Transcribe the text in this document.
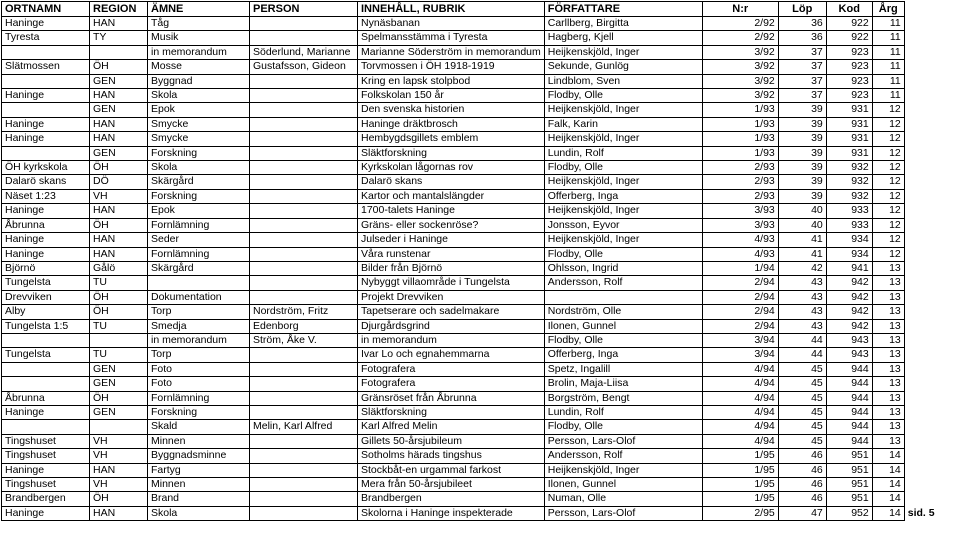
ORTNAMN	REGION	ÄMNE	PERSON	INNEHÅLL, RUBRIK	FÖRFATTARE	N:r	Löp	Kod	Årg	
Haninge	HAN	Tåg		Nynäsbanan	Carllberg, Birgitta	2/92	36	922	11	
Tyresta	TY	Musik		Spelmansstämma i Tyresta	Hagberg, Kjell	2/92	36	922	11	
		in memorandum	Söderlund, Marianne	Marianne Söderström in memorandum	Heijkenskjöld, Inger	3/92	37	923	11	
Slätmossen	ÖH	Mosse	Gustafsson, Gideon	Torvmossen i ÖH 1918-1919	Sekunde, Gunlög	3/92	37	923	11	
	GEN	Byggnad		Kring en lapsk stolpbod	Lindblom, Sven	3/92	37	923	11	
Haninge	HAN	Skola		Folkskolan 150 år	Flodby, Olle	3/92	37	923	11	
	GEN	Epok		Den svenska historien	Heijkenskjöld, Inger	1/93	39	931	12	
Haninge	HAN	Smycke		Haninge dräktbrosch	Falk, Karin	1/93	39	931	12	
Haninge	HAN	Smycke		Hembygdsgillets emblem	Heijkenskjöld, Inger	1/93	39	931	12	
	GEN	Forskning		Släktforskning	Lundin, Rolf	1/93	39	931	12	
ÖH kyrkskola	ÖH	Skola		Kyrkskolan lågornas rov	Flodby, Olle	2/93	39	932	12	
Dalarö skans	DÖ	Skärgård		Dalarö skans	Heijkenskjöld, Inger	2/93	39	932	12	
Näset 1:23	VH	Forskning		Kartor och mantalslängder	Offerberg, Inga	2/93	39	932	12	
Haninge	HAN	Epok		1700-talets Haninge	Heijkenskjöld, Inger	3/93	40	933	12	
Åbrunna	ÖH	Fornlämning		Gräns- eller sockenröse?	Jonsson, Eyvor	3/93	40	933	12	
Haninge	HAN	Seder		Julseder i Haninge	Heijkenskjöld, Inger	4/93	41	934	12	
Haninge	HAN	Fornlämning		Våra runstenar	Flodby, Olle	4/93	41	934	12	
Björnö	Gålö	Skärgård		Bilder från Björnö	Ohlsson, Ingrid	1/94	42	941	13	
Tungelsta	TU			Nybyggt villaområde i Tungelsta	Andersson, Rolf	2/94	43	942	13	
Drevviken	ÖH	Dokumentation		Projekt Drevviken		2/94	43	942	13	
Alby	ÖH	Torp	Nordström, Fritz	Tapetserare och sadelmakare	Nordström, Olle	2/94	43	942	13	
Tungelsta 1:5	TU	Smedja	Edenborg	Djurgårdsgrind	Ilonen, Gunnel	2/94	43	942	13	
		in memorandum	Ström, Åke V.	in memorandum	Flodby, Olle	3/94	44	943	13	
Tungelsta	TU	Torp		Ivar Lo och egnahemmarna	Offerberg, Inga	3/94	44	943	13	
	GEN	Foto		Fotografera	Spetz, Ingalill	4/94	45	944	13	
	GEN	Foto		Fotografera	Brolin, Maja-Liisa	4/94	45	944	13	
Åbrunna	ÖH	Fornlämning		Gränsröset från Åbrunna	Borgström, Bengt	4/94	45	944	13	
Haninge	GEN	Forskning		Släktforskning	Lundin, Rolf	4/94	45	944	13	
		Skald	Melin, Karl Alfred	Karl Alfred Melin	Flodby, Olle	4/94	45	944	13	
Tingshuset	VH	Minnen		Gillets 50-årsjubileum	Persson, Lars-Olof	4/94	45	944	13	
Tingshuset	VH	Byggnadsminne		Sotholms härads tingshus	Andersson, Rolf	1/95	46	951	14	
Haninge	HAN	Fartyg		Stockbåt-en urgammal farkost	Heijkenskjöld, Inger	1/95	46	951	14	
Tingshuset	VH	Minnen		Mera från 50-årsjubileet	Ilonen, Gunnel	1/95	46	951	14	
Brandbergen	ÖH	Brand		Brandbergen	Numan, Olle	1/95	46	951	14	
Haninge	HAN	Skola		Skolorna i Haninge inspekterade	Persson, Lars-Olof	2/95	47	952	14	sid. 5
